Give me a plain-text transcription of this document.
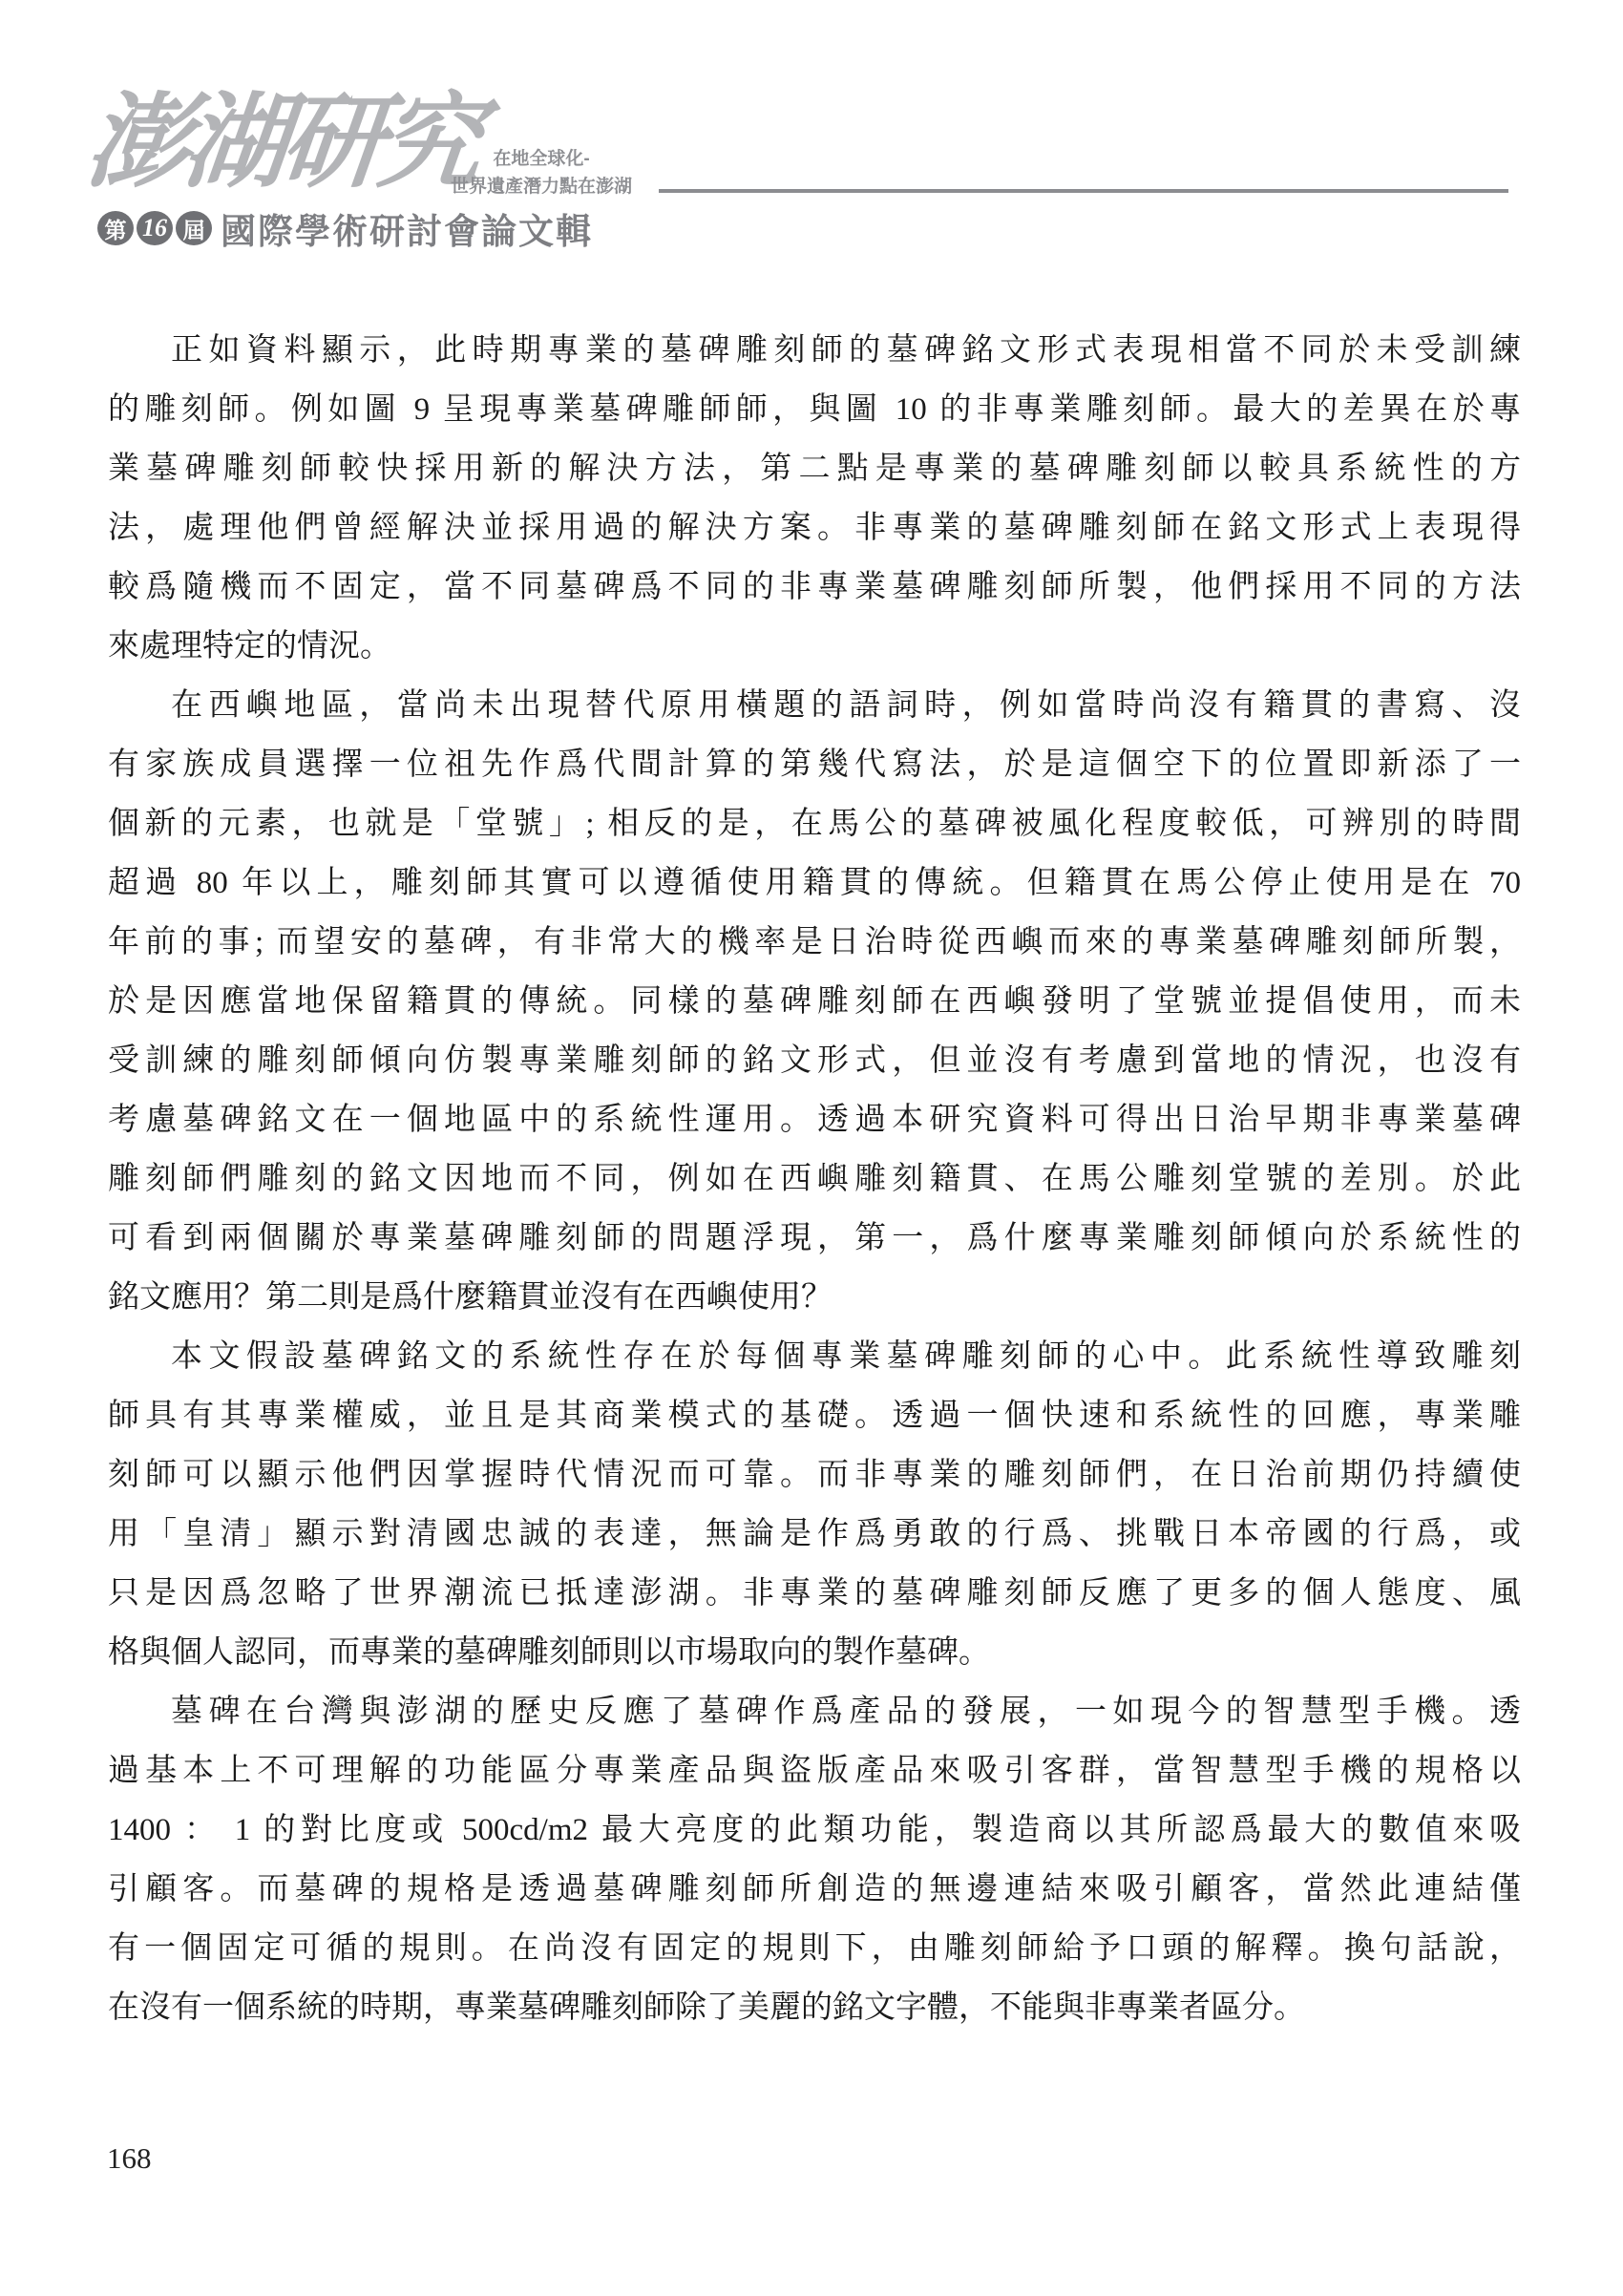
澎湖研究 在地全球化-
世界遺產潛力點在澎湖
第 16 屆 國際學術研討會論文輯
正如資料顯示，此時期專業的墓碑雕刻師的墓碑銘文形式表現相當不同於未受訓練
的雕刻師。例如圖 9 呈現專業墓碑雕師師，與圖 10 的非專業雕刻師。最大的差異在於專
業墓碑雕刻師較快採用新的解決方法，第二點是專業的墓碑雕刻師以較具系統性的方
法，處理他們曾經解決並採用過的解決方案。非專業的墓碑雕刻師在銘文形式上表現得
較爲隨機而不固定，當不同墓碑爲不同的非專業墓碑雕刻師所製，他們採用不同的方法
來處理特定的情況。
在西嶼地區，當尚未出現替代原用橫題的語詞時，例如當時尚沒有籍貫的書寫、沒
有家族成員選擇一位祖先作爲代間計算的第幾代寫法，於是這個空下的位置即新添了一
個新的元素，也就是「堂號」; 相反的是，在馬公的墓碑被風化程度較低，可辨別的時間
超過 80 年以上，雕刻師其實可以遵循使用籍貫的傳統。但籍貫在馬公停止使用是在 70
年前的事; 而望安的墓碑，有非常大的機率是日治時從西嶼而來的專業墓碑雕刻師所製，
於是因應當地保留籍貫的傳統。同樣的墓碑雕刻師在西嶼發明了堂號並提倡使用，而未
受訓練的雕刻師傾向仿製專業雕刻師的銘文形式，但並沒有考慮到當地的情況，也沒有
考慮墓碑銘文在一個地區中的系統性運用。透過本研究資料可得出日治早期非專業墓碑
雕刻師們雕刻的銘文因地而不同，例如在西嶼雕刻籍貫、在馬公雕刻堂號的差別。於此
可看到兩個關於專業墓碑雕刻師的問題浮現，第一，爲什麼專業雕刻師傾向於系統性的
銘文應用？第二則是爲什麼籍貫並沒有在西嶼使用？
本文假設墓碑銘文的系統性存在於每個專業墓碑雕刻師的心中。此系統性導致雕刻
師具有其專業權威，並且是其商業模式的基礎。透過一個快速和系統性的回應，專業雕
刻師可以顯示他們因掌握時代情況而可靠。而非專業的雕刻師們，在日治前期仍持續使
用「皇清」顯示對清國忠誠的表達，無論是作爲勇敢的行爲、挑戰日本帝國的行爲，或
只是因爲忽略了世界潮流已抵達澎湖。非專業的墓碑雕刻師反應了更多的個人態度、風
格與個人認同，而專業的墓碑雕刻師則以市場取向的製作墓碑。
墓碑在台灣與澎湖的歷史反應了墓碑作爲產品的發展，一如現今的智慧型手機。透
過基本上不可理解的功能區分專業產品與盜版產品來吸引客群，當智慧型手機的規格以
1400 ： 1 的對比度或 500cd/m2 最大亮度的此類功能，製造商以其所認爲最大的數值來吸
引顧客。而墓碑的規格是透過墓碑雕刻師所創造的無邊連結來吸引顧客，當然此連結僅
有一個固定可循的規則。在尚沒有固定的規則下，由雕刻師給予口頭的解釋。換句話說，
在沒有一個系統的時期，專業墓碑雕刻師除了美麗的銘文字體，不能與非專業者區分。
168
